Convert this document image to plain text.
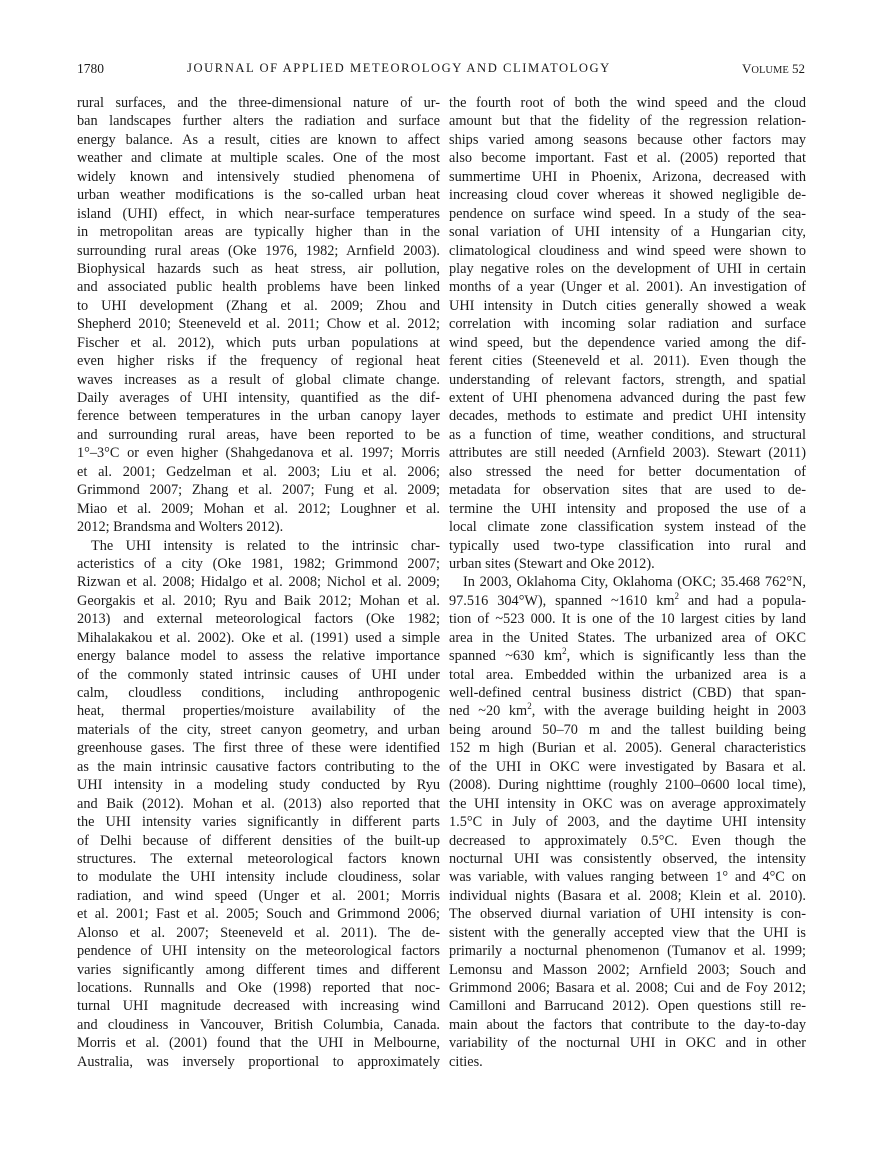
1780	JOURNAL OF APPLIED METEOROLOGY AND CLIMATOLOGY	VOLUME 52
rural surfaces, and the three-dimensional nature of ur-
ban landscapes further alters the radiation and surface
energy balance. As a result, cities are known to affect
weather and climate at multiple scales. One of the most
widely known and intensively studied phenomena of
urban weather modifications is the so-called urban heat
island (UHI) effect, in which near-surface temperatures
in metropolitan areas are typically higher than in the
surrounding rural areas (Oke 1976, 1982; Arnfield 2003).
Biophysical hazards such as heat stress, air pollution,
and associated public health problems have been linked
to UHI development (Zhang et al. 2009; Zhou and
Shepherd 2010; Steeneveld et al. 2011; Chow et al. 2012;
Fischer et al. 2012), which puts urban populations at
even higher risks if the frequency of regional heat
waves increases as a result of global climate change.
Daily averages of UHI intensity, quantified as the dif-
ference between temperatures in the urban canopy layer
and surrounding rural areas, have been reported to be
1°–3°C or even higher (Shahgedanova et al. 1997; Morris
et al. 2001; Gedzelman et al. 2003; Liu et al. 2006;
Grimmond 2007; Zhang et al. 2007; Fung et al. 2009;
Miao et al. 2009; Mohan et al. 2012; Loughner et al.
2012; Brandsma and Wolters 2012).
The UHI intensity is related to the intrinsic char-
acteristics of a city (Oke 1981, 1982; Grimmond 2007;
Rizwan et al. 2008; Hidalgo et al. 2008; Nichol et al. 2009;
Georgakis et al. 2010; Ryu and Baik 2012; Mohan et al.
2013) and external meteorological factors (Oke 1982;
Mihalakakou et al. 2002). Oke et al. (1991) used a simple
energy balance model to assess the relative importance
of the commonly stated intrinsic causes of UHI under
calm, cloudless conditions, including anthropogenic
heat, thermal properties/moisture availability of the
materials of the city, street canyon geometry, and urban
greenhouse gases. The first three of these were identified
as the main intrinsic causative factors contributing to the
UHI intensity in a modeling study conducted by Ryu
and Baik (2012). Mohan et al. (2013) also reported that
the UHI intensity varies significantly in different parts
of Delhi because of different densities of the built-up
structures. The external meteorological factors known
to modulate the UHI intensity include cloudiness, solar
radiation, and wind speed (Unger et al. 2001; Morris
et al. 2001; Fast et al. 2005; Souch and Grimmond 2006;
Alonso et al. 2007; Steeneveld et al. 2011). The de-
pendence of UHI intensity on the meteorological factors
varies significantly among different times and different
locations. Runnalls and Oke (1998) reported that noc-
turnal UHI magnitude decreased with increasing wind
and cloudiness in Vancouver, British Columbia, Canada.
Morris et al. (2001) found that the UHI in Melbourne,
Australia, was inversely proportional to approximately
the fourth root of both the wind speed and the cloud
amount but that the fidelity of the regression relation-
ships varied among seasons because other factors may
also become important. Fast et al. (2005) reported that
summertime UHI in Phoenix, Arizona, decreased with
increasing cloud cover whereas it showed negligible de-
pendence on surface wind speed. In a study of the sea-
sonal variation of UHI intensity of a Hungarian city,
climatological cloudiness and wind speed were shown to
play negative roles on the development of UHI in certain
months of a year (Unger et al. 2001). An investigation of
UHI intensity in Dutch cities generally showed a weak
correlation with incoming solar radiation and surface
wind speed, but the dependence varied among the dif-
ferent cities (Steeneveld et al. 2011). Even though the
understanding of relevant factors, strength, and spatial
extent of UHI phenomena advanced during the past few
decades, methods to estimate and predict UHI intensity
as a function of time, weather conditions, and structural
attributes are still needed (Arnfield 2003). Stewart (2011)
also stressed the need for better documentation of
metadata for observation sites that are used to de-
termine the UHI intensity and proposed the use of a
local climate zone classification system instead of the
typically used two-type classification into rural and
urban sites (Stewart and Oke 2012).
In 2003, Oklahoma City, Oklahoma (OKC; 35.468 762°N,
97.516 304°W), spanned ~1610 $km^2$ and had a popula-
tion of ~523 000. It is one of the 10 largest cities by land
area in the United States. The urbanized area of OKC
spanned ~630 $km^2$, which is significantly less than the
total area. Embedded within the urbanized area is a
well-defined central business district (CBD) that span-
ned ~20 $km^2$, with the average building height in 2003
being around 50–70 m and the tallest building being
152 m high (Burian et al. 2005). General characteristics
of the UHI in OKC were investigated by Basara et al.
(2008). During nighttime (roughly 2100–0600 local time),
the UHI intensity in OKC was on average approximately
1.5°C in July of 2003, and the daytime UHI intensity
decreased to approximately 0.5°C. Even though the
nocturnal UHI was consistently observed, the intensity
was variable, with values ranging between 1° and 4°C on
individual nights (Basara et al. 2008; Klein et al. 2010).
The observed diurnal variation of UHI intensity is con-
sistent with the generally accepted view that the UHI is
primarily a nocturnal phenomenon (Tumanov et al. 1999;
Lemonsu and Masson 2002; Arnfield 2003; Souch and
Grimmond 2006; Basara et al. 2008; Cui and de Foy 2012;
Camilloni and Barrucand 2012). Open questions still re-
main about the factors that contribute to the day-to-day
variability of the nocturnal UHI in OKC and in other
cities.
